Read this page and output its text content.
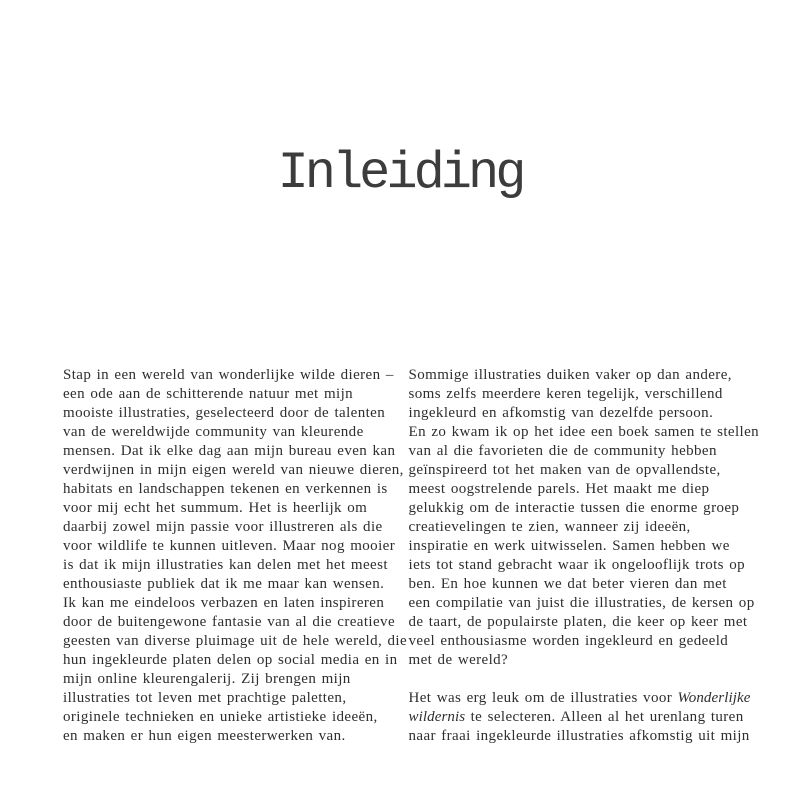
Inleiding
Stap in een wereld van wonderlijke wilde dieren –
een ode aan de schitterende natuur met mijn
mooiste illustraties, geselecteerd door de talenten
van de wereldwijde community van kleurende
mensen. Dat ik elke dag aan mijn bureau even kan
verdwijnen in mijn eigen wereld van nieuwe dieren,
habitats en landschappen tekenen en verkennen is
voor mij echt het summum. Het is heerlijk om
daarbij zowel mijn passie voor illustreren als die
voor wildlife te kunnen uitleven. Maar nog mooier
is dat ik mijn illustraties kan delen met het meest
enthousiaste publiek dat ik me maar kan wensen.
Ik kan me eindeloos verbazen en laten inspireren
door de buitengewone fantasie van al die creatieve
geesten van diverse pluimage uit de hele wereld, die
hun ingekleurde platen delen op social media en in
mijn online kleurengalerij. Zij brengen mijn
illustraties tot leven met prachtige paletten,
originele technieken en unieke artistieke ideeën,
en maken er hun eigen meesterwerken van.
Sommige illustraties duiken vaker op dan andere,
soms zelfs meerdere keren tegelijk, verschillend
ingekleurd en afkomstig van dezelfde persoon.
En zo kwam ik op het idee een boek samen te stellen
van al die favorieten die de community hebben
geïnspireerd tot het maken van de opvallendste,
meest oogstrelende parels. Het maakt me diep
gelukkig om de interactie tussen die enorme groep
creatievelingen te zien, wanneer zij ideeën,
inspiratie en werk uitwisselen. Samen hebben we
iets tot stand gebracht waar ik ongelooflijk trots op
ben. En hoe kunnen we dat beter vieren dan met
een compilatie van juist die illustraties, de kersen op
de taart, de populairste platen, die keer op keer met
veel enthousiasme worden ingekleurd en gedeeld
met de wereld?
Het was erg leuk om de illustraties voor Wonderlijke
wildernis te selecteren. Alleen al het urenlang turen
naar fraai ingekleurde illustraties afkomstig uit mijn
